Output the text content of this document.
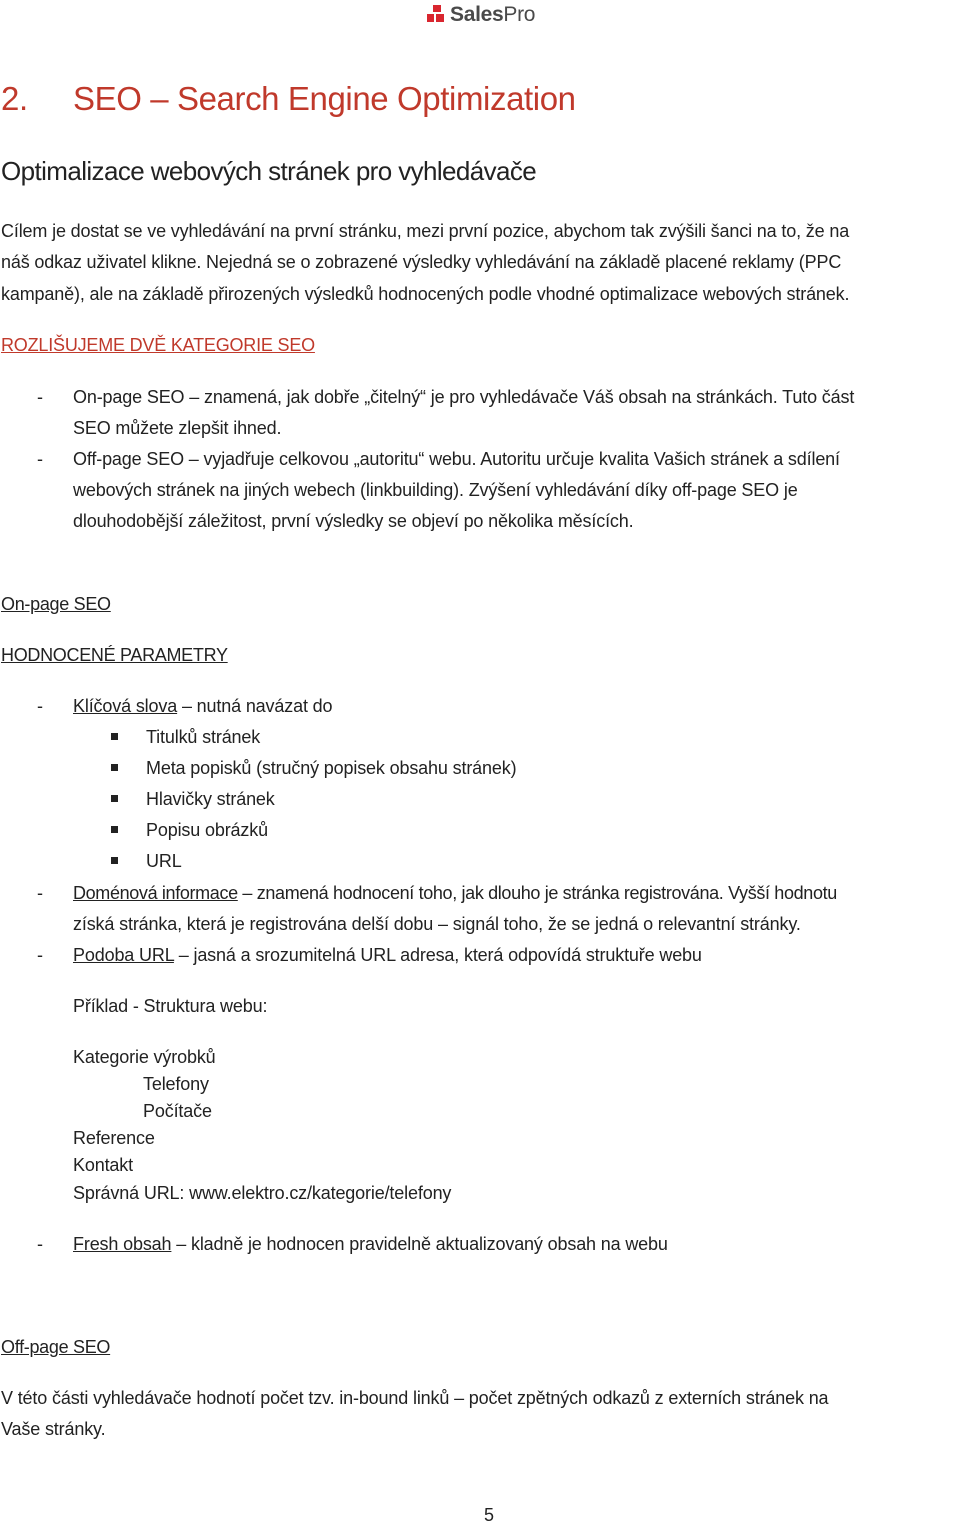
SalesPro
2. SEO – Search Engine Optimization
Optimalizace webových stránek pro vyhledávače
Cílem je dostat se ve vyhledávání na první stránku, mezi první pozice, abychom tak zvýšili šanci na to, že na
náš odkaz uživatel klikne. Nejedná se o zobrazené výsledky vyhledávání na základě placené reklamy (PPC
kampaně), ale na základě přirozených výsledků hodnocených podle vhodné optimalizace webových stránek.
ROZLIŠUJEME DVĚ KATEGORIE SEO
- On-page SEO – znamená, jak dobře „čitelný“ je pro vyhledávače Váš obsah na stránkách. Tuto část
SEO můžete zlepšit ihned.
- Off-page SEO – vyjadřuje celkovou „autoritu“ webu. Autoritu určuje kvalita Vašich stránek a sdílení
webových stránek na jiných webech (linkbuilding). Zvýšení vyhledávání díky off-page SEO je
dlouhodobější záležitost, první výsledky se objeví po několika měsících.
On-page SEO
HODNOCENÉ PARAMETRY
- Klíčová slova – nutná navázat do
Titulků stránek
Meta popisků (stručný popisek obsahu stránek)
Hlavičky stránek
Popisu obrázků
URL
- Doménová informace – znamená hodnocení toho, jak dlouho je stránka registrována. Vyšší hodnotu
získá stránka, která je registrována delší dobu – signál toho, že se jedná o relevantní stránky.
- Podoba URL – jasná a srozumitelná URL adresa, která odpovídá struktuře webu
Příklad - Struktura webu:
Kategorie výrobků
Telefony
Počítače
Reference
Kontakt
Správná URL: www.elektro.cz/kategorie/telefony
- Fresh obsah – kladně je hodnocen pravidelně aktualizovaný obsah na webu
Off-page SEO
V této části vyhledávače hodnotí počet tzv. in-bound linků – počet zpětných odkazů z externích stránek na
Vaše stránky.
5
